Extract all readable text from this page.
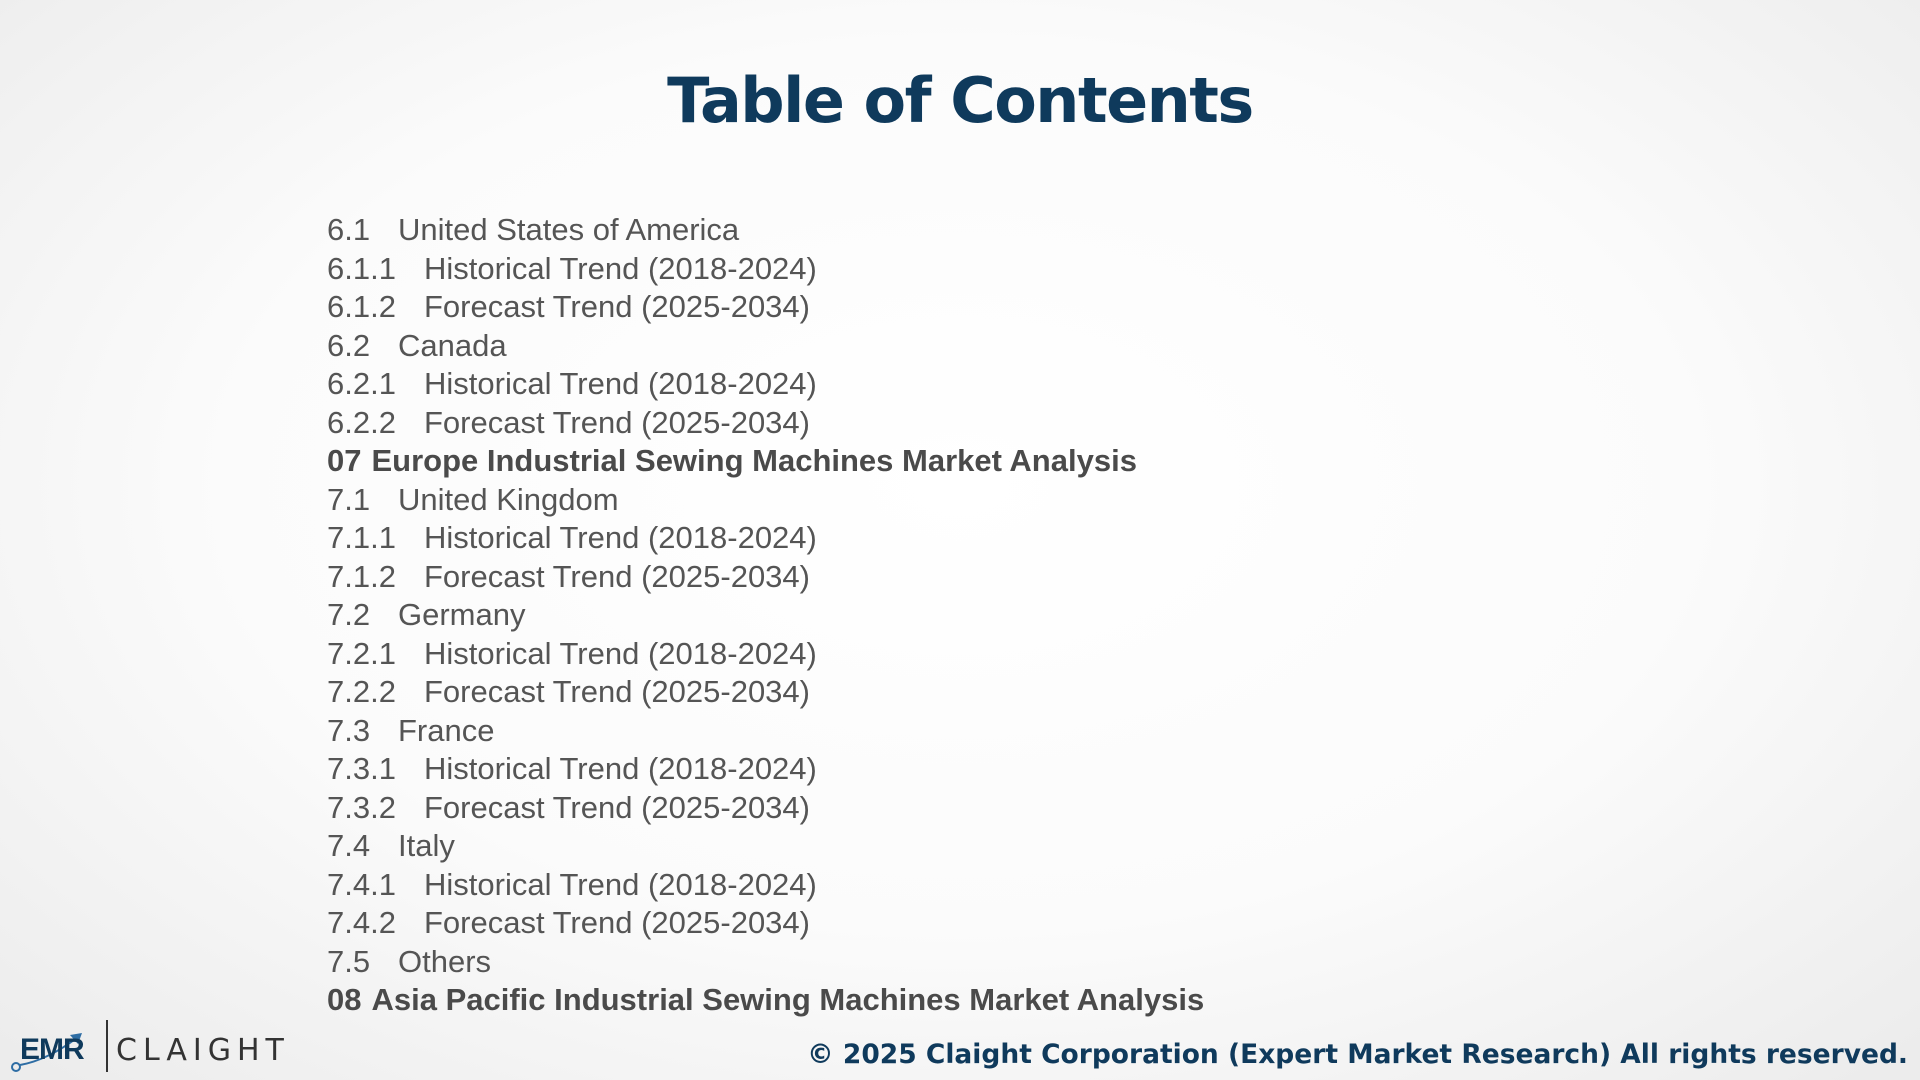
Table of Contents
6.1 United States of America
6.1.1 Historical Trend (2018-2024)
6.1.2 Forecast Trend (2025-2034)
6.2 Canada
6.2.1 Historical Trend (2018-2024)
6.2.2 Forecast Trend (2025-2034)
07 Europe Industrial Sewing Machines Market Analysis
7.1 United Kingdom
7.1.1 Historical Trend (2018-2024)
7.1.2 Forecast Trend (2025-2034)
7.2 Germany
7.2.1 Historical Trend (2018-2024)
7.2.2 Forecast Trend (2025-2034)
7.3 France
7.3.1 Historical Trend (2018-2024)
7.3.2 Forecast Trend (2025-2034)
7.4 Italy
7.4.1 Historical Trend (2018-2024)
7.4.2 Forecast Trend (2025-2034)
7.5 Others
08 Asia Pacific Industrial Sewing Machines Market Analysis
EMR CLAIGHT	© 2025 Claight Corporation (Expert Market Research) All rights reserved.
